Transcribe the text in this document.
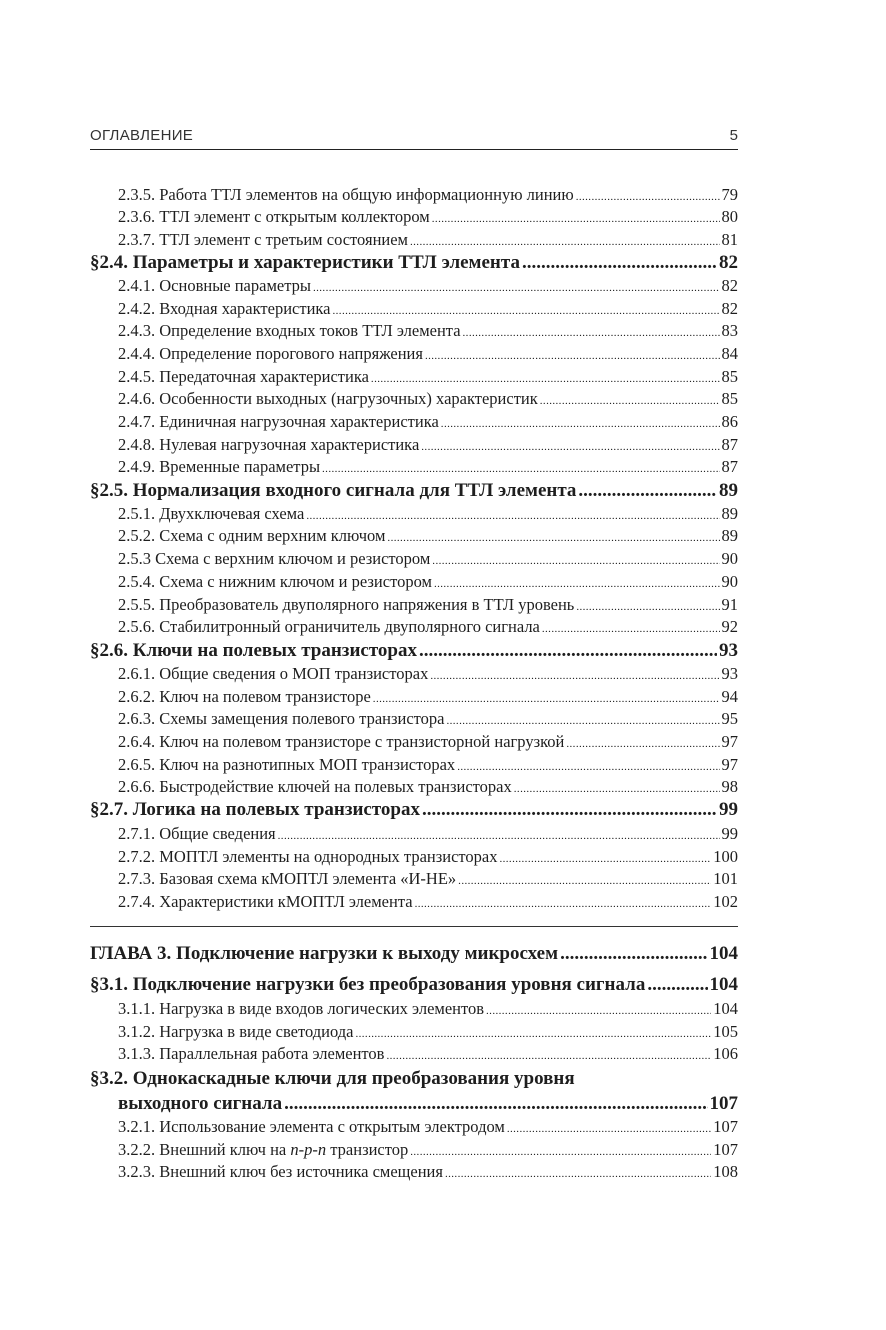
ОГЛАВЛЕНИЕ	5
2.3.5. Работа ТТЛ элементов на общую информационную линию .....	79
2.3.6. ТТЛ элемент с открытым коллектором .....	80
2.3.7. ТТЛ элемент с третьим состоянием .....	81
§2.4. Параметры и характеристики ТТЛ элемента .....	82
2.4.1. Основные параметры .....	82
2.4.2. Входная характеристика .....	82
2.4.3. Определение входных токов ТТЛ элемента .....	83
2.4.4. Определение порогового напряжения .....	84
2.4.5. Передаточная характеристика .....	85
2.4.6. Особенности выходных (нагрузочных) характеристик .....	85
2.4.7. Единичная нагрузочная характеристика .....	86
2.4.8. Нулевая нагрузочная характеристика .....	87
2.4.9. Временные параметры .....	87
§2.5. Нормализация входного сигнала для ТТЛ элемента .....	89
2.5.1. Двухключевая схема .....	89
2.5.2. Схема с одним верхним ключом .....	89
2.5.3 Схема с верхним ключом и резистором .....	90
2.5.4. Схема с нижним ключом и резистором .....	90
2.5.5. Преобразователь двуполярного напряжения в ТТЛ уровень .....	91
2.5.6. Стабилитронный ограничитель двуполярного сигнала .....	92
§2.6. Ключи на полевых транзисторах .....	93
2.6.1. Общие сведения о МОП транзисторах .....	93
2.6.2. Ключ на полевом транзисторе .....	94
2.6.3. Схемы замещения полевого транзистора .....	95
2.6.4. Ключ на полевом транзисторе с транзисторной нагрузкой .....	97
2.6.5. Ключ на разнотипных МОП транзисторах .....	97
2.6.6. Быстродействие ключей на полевых транзисторах .....	98
§2.7. Логика на полевых транзисторах .....	99
2.7.1. Общие сведения .....	99
2.7.2. МОПТЛ элементы на однородных транзисторах .....	100
2.7.3. Базовая схема кМОПТЛ элемента «И-НЕ» .....	101
2.7.4. Характеристики кМОПТЛ элемента .....	102
ГЛАВА 3. Подключение нагрузки к выходу микросхем .....	104
§3.1. Подключение нагрузки без преобразования уровня сигнала .....	104
3.1.1. Нагрузка в виде входов логических элементов .....	104
3.1.2. Нагрузка в виде светодиода .....	105
3.1.3. Параллельная работа элементов .....	106
§3.2. Однокаскадные ключи для преобразования уровня
выходного сигнала .....	107
3.2.1. Использование элемента с открытым электродом .....	107
3.2.2. Внешний ключ на n-p-n транзистор .....	107
3.2.3. Внешний ключ без источника смещения .....	108
